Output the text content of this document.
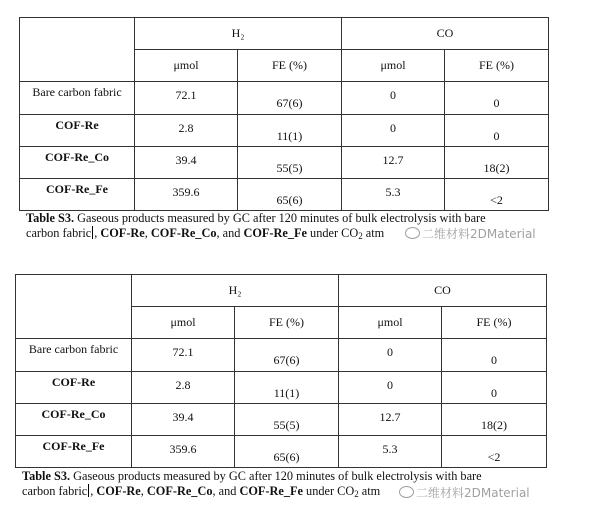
	H₂		CO	
	μmol	FE (%)	μmol	FE (%)

Bare carbon fabric	72.1	67(6)	0	0

COF-Re	2.8	11(1)	0	0

COF-Re_Co	39.4	55(5)	12.7	18(2)

COF-Re_Fe	359.6	65(6)	5.3	<2
Table S3. Gaseous products measured by GC after 120 minutes of bulk electrolysis with bare
carbon fabric , COF-Re, COF-Re_Co, and COF-Re_Fe under $CO_2$ atm	二维材料2DMaterial
	H₂		CO	
	μmol	FE (%)	μmol	FE (%)

Bare carbon fabric	72.1	67(6)	0	0

COF-Re	2.8	11(1)	0	0

COF-Re_Co	39.4	55(5)	12.7	18(2)

COF-Re_Fe	359.6	65(6)	5.3	<2
Table S3. Gaseous products measured by GC after 120 minutes of bulk electrolysis with bare
carbon fabric , COF-Re, COF-Re_Co, and COF-Re_Fe under $CO_2$ atm	二维材料2DMaterial
